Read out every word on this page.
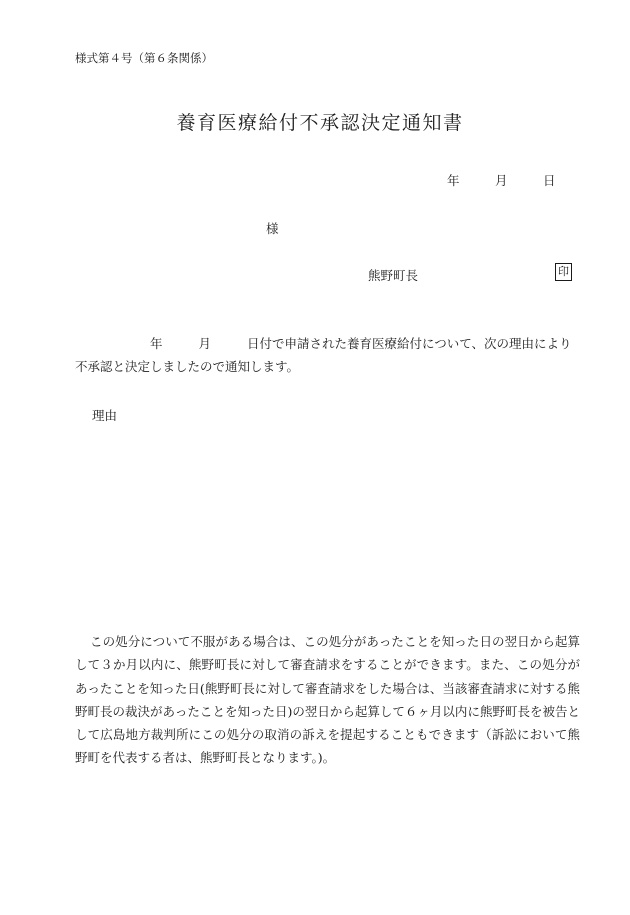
様式第４号（第６条関係）
養育医療給付不承認決定通知書
年	月	日
様
熊野町長	印
年	月	日付で申請された養育医療給付について、次の理由により不承認と決定しましたので通知します。
理由
この処分について不服がある場合は、この処分があったことを知った日の翌日から起算して３か月以内に、熊野町長に対して審査請求をすることができます。また、この処分があったことを知った日(熊野町長に対して審査請求をした場合は、当該審査請求に対する熊野町長の裁決があったことを知った日)の翌日から起算して６ヶ月以内に熊野町長を被告として広島地方裁判所にこの処分の取消の訴えを提起することもできます（訴訟において熊野町を代表する者は、熊野町長となります。)。
